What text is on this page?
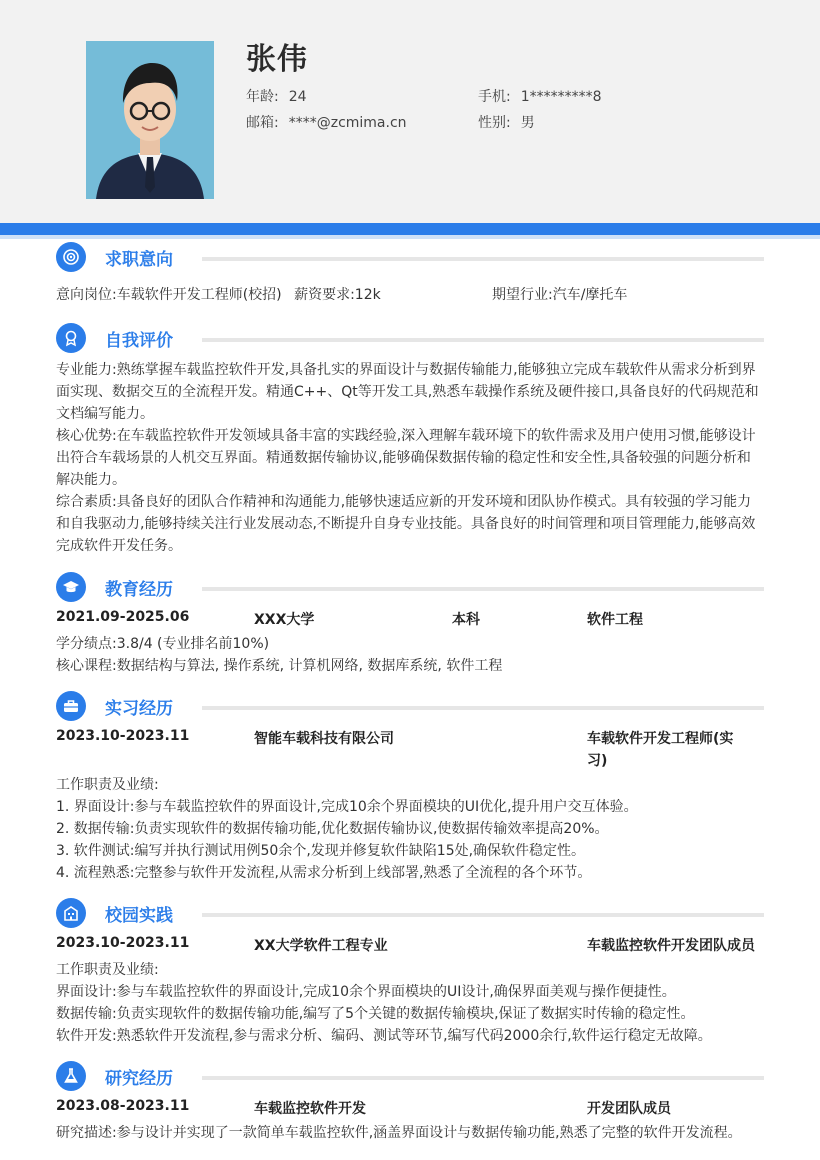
张伟
年龄: 24	手机: 1*********8
邮箱: ****@zcmima.cn	性别: 男
求职意向
意向岗位:车载软件开发工程师(校招) 薪资要求:12k	期望行业:汽车/摩托车
自我评价

专业能力:熟练掌握车载监控软件开发,具备扎实的界面设计与数据传输能力,能够独立完成车载软件从需求分析到界面实现、数据交互的全流程开发。精通C++、Qt等开发工具,熟悉车载操作系统及硬件接口,具备良好的代码规范和文档编写能力。

核心优势:在车载监控软件开发领域具备丰富的实践经验,深入理解车载环境下的软件需求及用户使用习惯,能够设计出符合车载场景的人机交互界面。精通数据传输协议,能够确保数据传输的稳定性和安全性,具备较强的问题分析和解决能力。

综合素质:具备良好的团队合作精神和沟通能力,能够快速适应新的开发环境和团队协作模式。具有较强的学习能力和自我驱动力,能够持续关注行业发展动态,不断提升自身专业技能。具备良好的时间管理和项目管理能力,能够高效完成软件开发任务。

教育经历
2021.09-2025.06	XXX大学	本科	软件工程

学分绩点:3.8/4 (专业排名前10%)

核心课程:数据结构与算法, 操作系统, 计算机网络, 数据库系统, 软件工程

实习经历
2023.10-2023.11	智能车载科技有限公司	车载软件开发工程师(实
习)

工作职责及业绩:

1. 界面设计:参与车载监控软件的界面设计,完成10余个界面模块的UI优化,提升用户交互体验。

2. 数据传输:负责实现软件的数据传输功能,优化数据传输协议,使数据传输效率提高20%。

3. 软件测试:编写并执行测试用例50余个,发现并修复软件缺陷15处,确保软件稳定性。

4. 流程熟悉:完整参与软件开发流程,从需求分析到上线部署,熟悉了全流程的各个环节。

校园实践
2023.10-2023.11	XX大学软件工程专业	车载监控软件开发团队成员

工作职责及业绩:

界面设计:参与车载监控软件的界面设计,完成10余个界面模块的UI设计,确保界面美观与操作便捷性。

数据传输:负责实现软件的数据传输功能,编写了5个关键的数据传输模块,保证了数据实时传输的稳定性。

软件开发:熟悉软件开发流程,参与需求分析、编码、测试等环节,编写代码2000余行,软件运行稳定无故障。

研究经历
2023.08-2023.11	车载监控软件开发	开发团队成员

研究描述:参与设计并实现了一款简单车载监控软件,涵盖界面设计与数据传输功能,熟悉了完整的软件开发流程。
